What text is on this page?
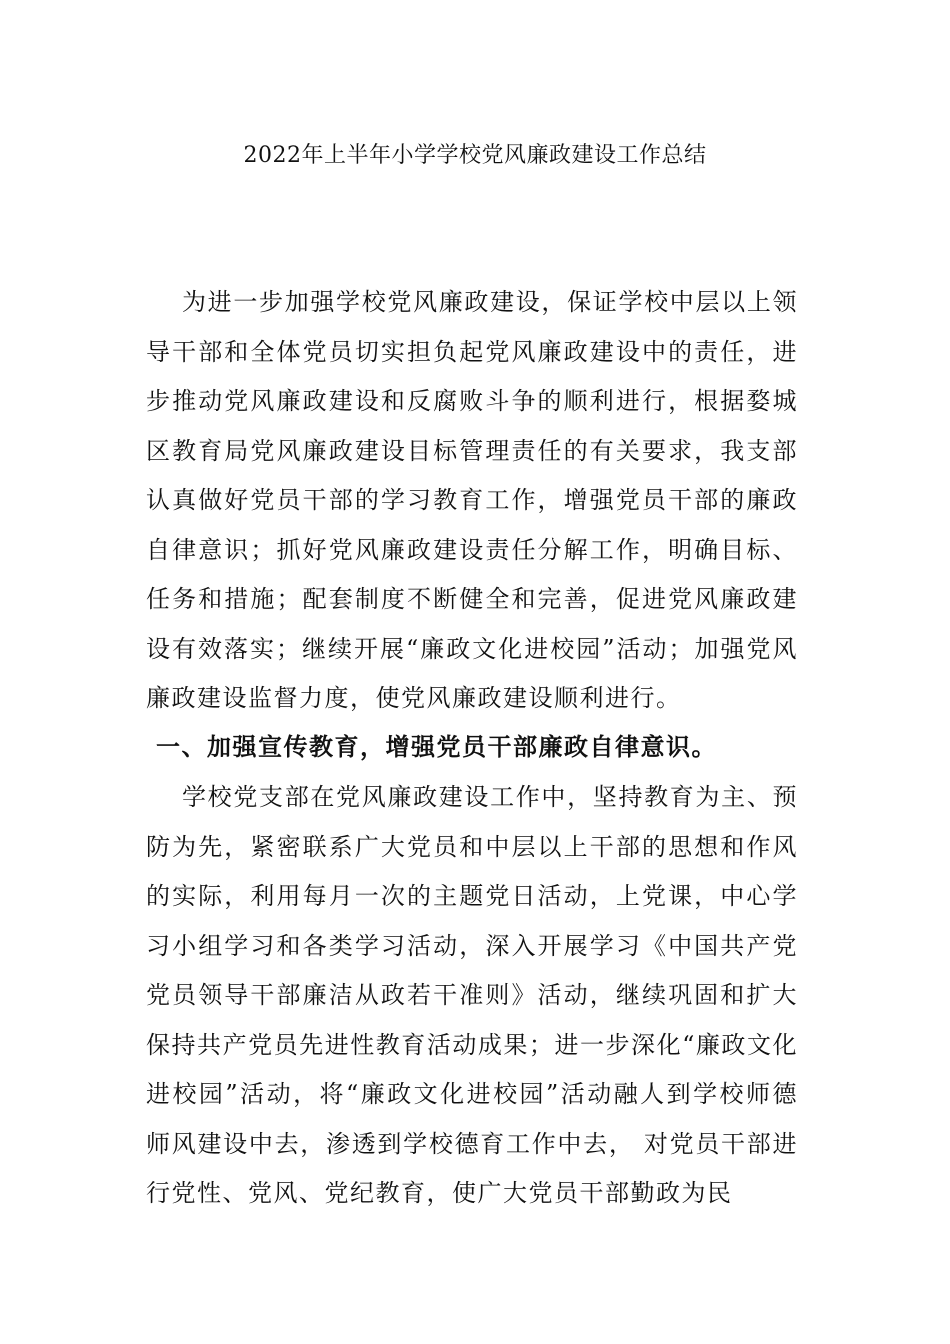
2022年上半年小学学校党风廉政建设工作总结

为进一步加强学校党风廉政建设，保证学校中层以上领导干部和全体党员切实担负起党风廉政建设中的责任，进步推动党风廉政建设和反腐败斗争的顺利进行，根据婺城区教育局党风廉政建设目标管理责任的有关要求，我支部认真做好党员干部的学习教育工作，增强党员干部的廉政自律意识；抓好党风廉政建设责任分解工作，明确目标、任务和措施；配套制度不断健全和完善，促进党风廉政建设有效落实；继续开展“廉政文化进校园”活动；加强党风廉政建设监督力度，使党风廉政建设顺利进行。

一、加强宣传教育，增强党员干部廉政自律意识。

学校党支部在党风廉政建设工作中，坚持教育为主、预防为先，紧密联系广大党员和中层以上干部的思想和作风的实际，利用每月一次的主题党日活动，上党课，中心学习小组学习和各类学习活动，深入开展学习《中国共产党党员领导干部廉洁从政若干准则》活动，继续巩固和扩大保持共产党员先进性教育活动成果；进一步深化“廉政文化进校园”活动，将“廉政文化进校园”活动融人到学校师德师风建设中去，渗透到学校德育工作中去， 对党员干部进行党性、党风、党纪教育，使广大党员干部勤政为民
